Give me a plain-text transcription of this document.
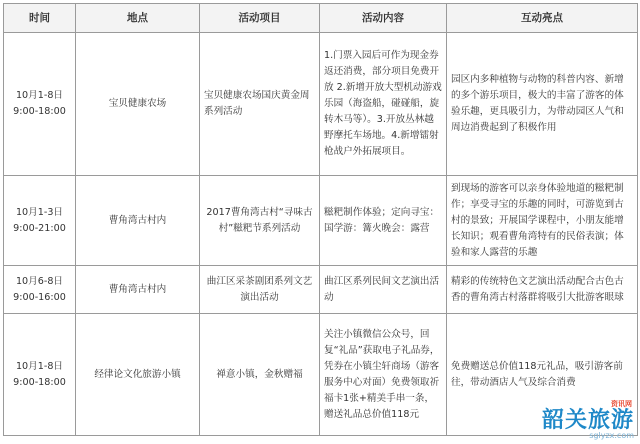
时间	地点	活动项目	活动内容	互动亮点
10月1-8日
9:00-18:00	宝贝健康农场	宝贝健康农场国庆黄金周系列活动	1.门票入园后可作为现金券返还消费，部分项目免费开放 2.新增开放大型机动游戏乐园（海盗船，碰碰船，旋转木马等）。3.开放丛林越野摩托车场地。4.新增镭射枪战户外拓展项目。	园区内多种植物与动物的科普内容、新增的多个游乐项目，极大的丰富了游客的体验乐趣，更具吸引力，为带动园区人气和周边消费起到了积极作用
10月1-3日
9:00-21:00	曹角湾古村内	2017曹角湾古村“寻味古村”糍粑节系列活动	糍粑制作体验；定向寻宝：国学游：篝火晚会：露营	到现场的游客可以亲身体验地道的糍粑制作；享受寻宝的乐趣的同时，可游览到古村的景致；开展国学课程中，小朋友能增长知识；观看曹角湾特有的民俗表演；体验和家人露营的乐趣
10月6-8日
9:00-16:00	曹角湾古村内	曲江区采茶剧团系列文艺演出活动	曲江区系列民间文艺演出活动	精彩的传统特色文艺演出活动配合古色古香的曹角湾古村落群将吸引大批游客眼球
10月1-8日
9:00-18:00	经律论文化旅游小镇	禅意小镇，金秋赠福	关注小镇微信公众号，回复“礼品”获取电子礼品券，凭券在小镇尘轩商场（游客服务中心对面）免费领取祈福卡1张+精美手串一条，赠送礼品总价值118元	免费赠送总价值118元礼品，吸引游客前往，带动酒店人气及综合消费
资讯网
韶关旅游
sglyzx.com
